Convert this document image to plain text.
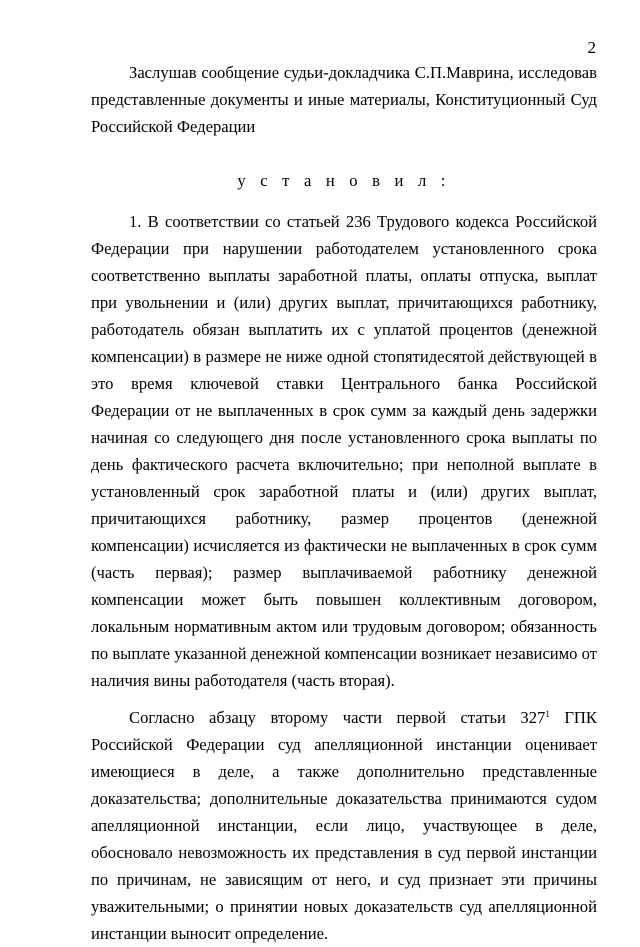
2

Заслушав сообщение судьи-докладчика С.П.Маврина, исследовав представленные документы и иные материалы, Конституционный Суд Российской Федерации

у с т а н о в и л :

1. В соответствии со статьей 236 Трудового кодекса Российской Федерации при нарушении работодателем установленного срока соответственно выплаты заработной платы, оплаты отпуска, выплат при увольнении и (или) других выплат, причитающихся работнику, работодатель обязан выплатить их с уплатой процентов (денежной компенсации) в размере не ниже одной стопятидесятой действующей в это время ключевой ставки Центрального банка Российской Федерации от не выплаченных в срок сумм за каждый день задержки начиная со следующего дня после установленного срока выплаты по день фактического расчета включительно; при неполной выплате в установленный срок заработной платы и (или) других выплат, причитающихся работнику, размер процентов (денежной компенсации) исчисляется из фактически не выплаченных в срок сумм (часть первая); размер выплачиваемой работнику денежной компенсации может быть повышен коллективным договором, локальным нормативным актом или трудовым договором; обязанность по выплате указанной денежной компенсации возникает независимо от наличия вины работодателя (часть вторая).

Согласно абзацу второму части первой статьи $327^1$ ГПК Российской Федерации суд апелляционной инстанции оценивает имеющиеся в деле, а также дополнительно представленные доказательства; дополнительные доказательства принимаются судом апелляционной инстанции, если лицо, участвующее в деле, обосновало невозможность их представления в суд первой инстанции по причинам, не зависящим от него, и суд признает эти причины уважительными; о принятии новых доказательств суд апелляционной инстанции выносит определение.
